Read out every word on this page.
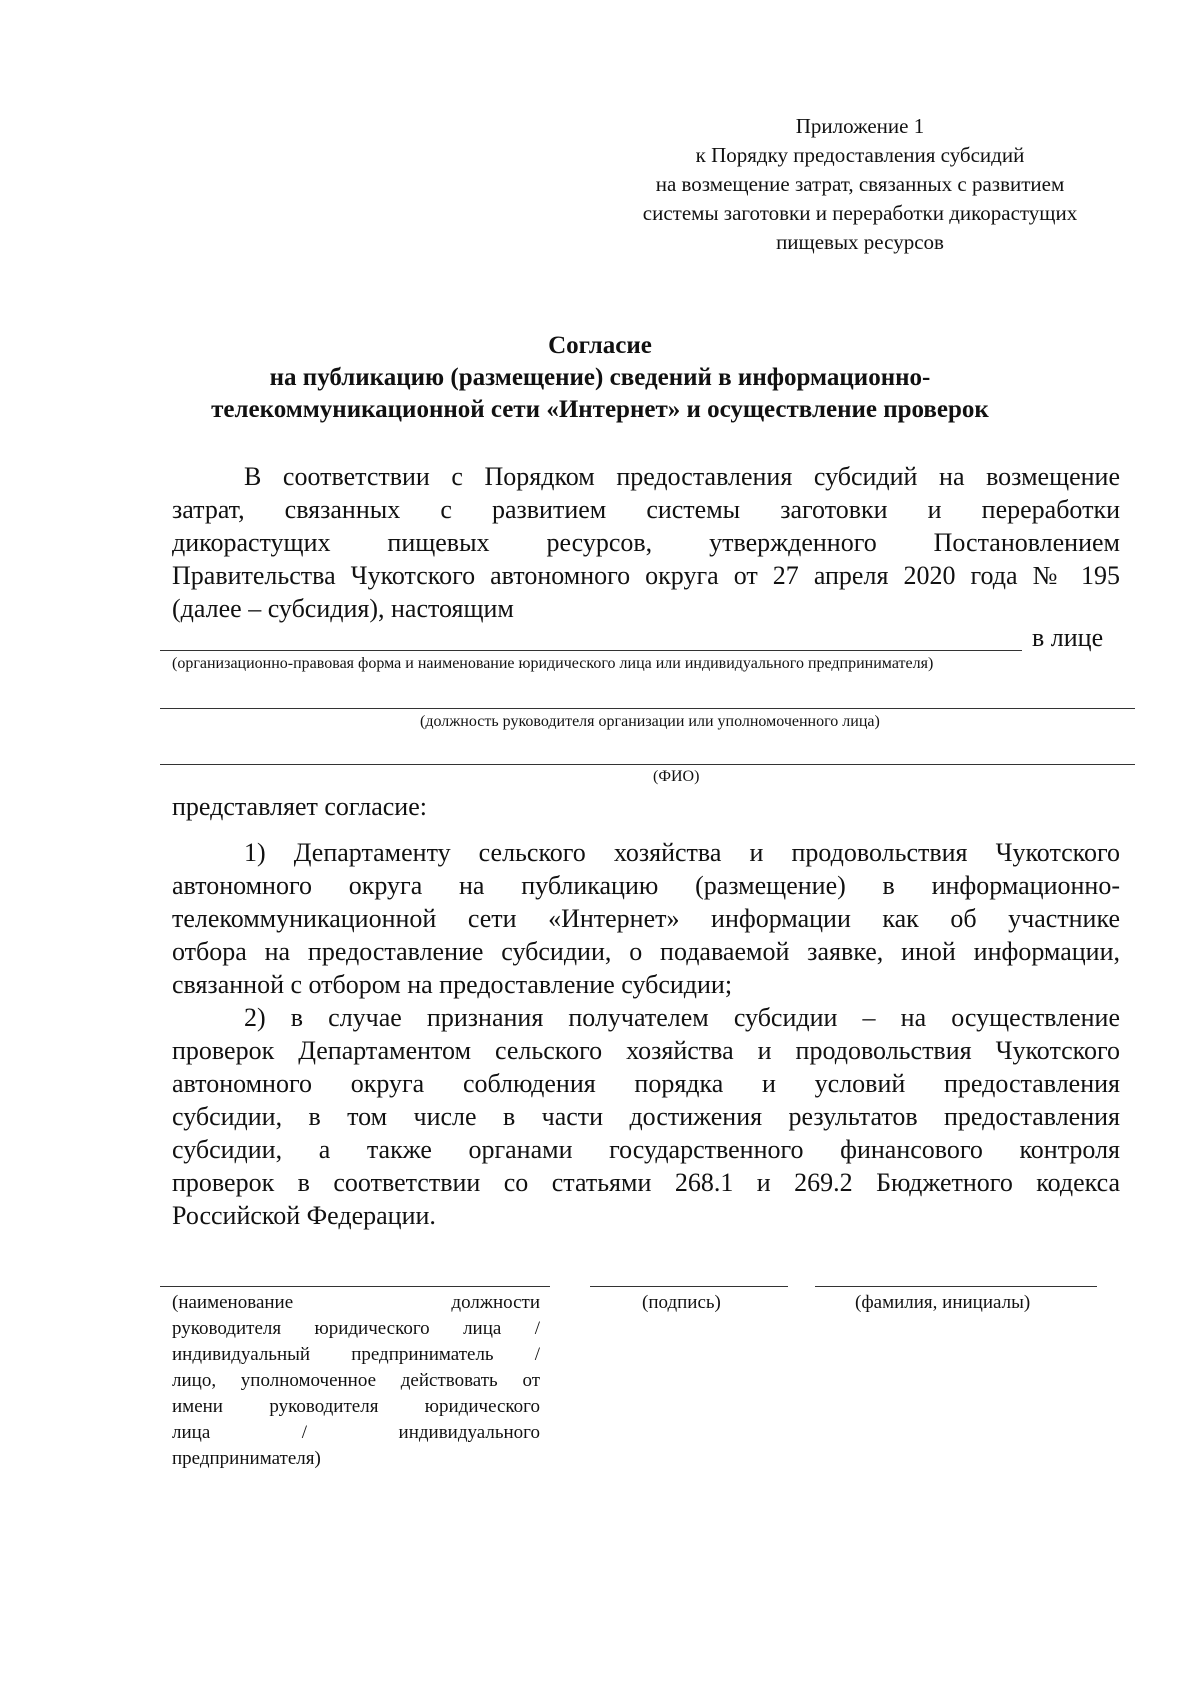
Приложение 1
к Порядку предоставления субсидий
на возмещение затрат, связанных с развитием
системы заготовки и переработки дикорастущих
пищевых ресурсов
Согласие
на публикацию (размещение) сведений в информационно-
телекоммуникационной сети «Интернет» и осуществление проверок
В соответствии с Порядком предоставления субсидий на возмещение
затрат, связанных с развитием системы заготовки и переработки
дикорастущих пищевых ресурсов, утвержденного Постановлением
Правительства Чукотского автономного округа от 27 апреля 2020 года № 195
(далее – субсидия), настоящим
в лице
(организационно-правовая форма и наименование юридического лица или индивидуального предпринимателя)
(должность руководителя организации или уполномоченного лица)
(ФИО)
представляет согласие:
1) Департаменту сельского хозяйства и продовольствия Чукотского
автономного округа на публикацию (размещение) в информационно-
телекоммуникационной сети «Интернет» информации как об участнике
отбора на предоставление субсидии, о подаваемой заявке, иной информации,
связанной с отбором на предоставление субсидии;
2) в случае признания получателем субсидии – на осуществление
проверок Департаментом сельского хозяйства и продовольствия Чукотского
автономного округа соблюдения порядка и условий предоставления
субсидии, в том числе в части достижения результатов предоставления
субсидии, а также органами государственного финансового контроля
проверок в соответствии со статьями 268.1 и 269.2 Бюджетного кодекса
Российской Федерации.
(наименование должности
руководителя юридического лица /
индивидуальный предприниматель /
лицо, уполномоченное действовать от
имени руководителя юридического
лица / индивидуального
предпринимателя)
(подпись)	(фамилия, инициалы)
